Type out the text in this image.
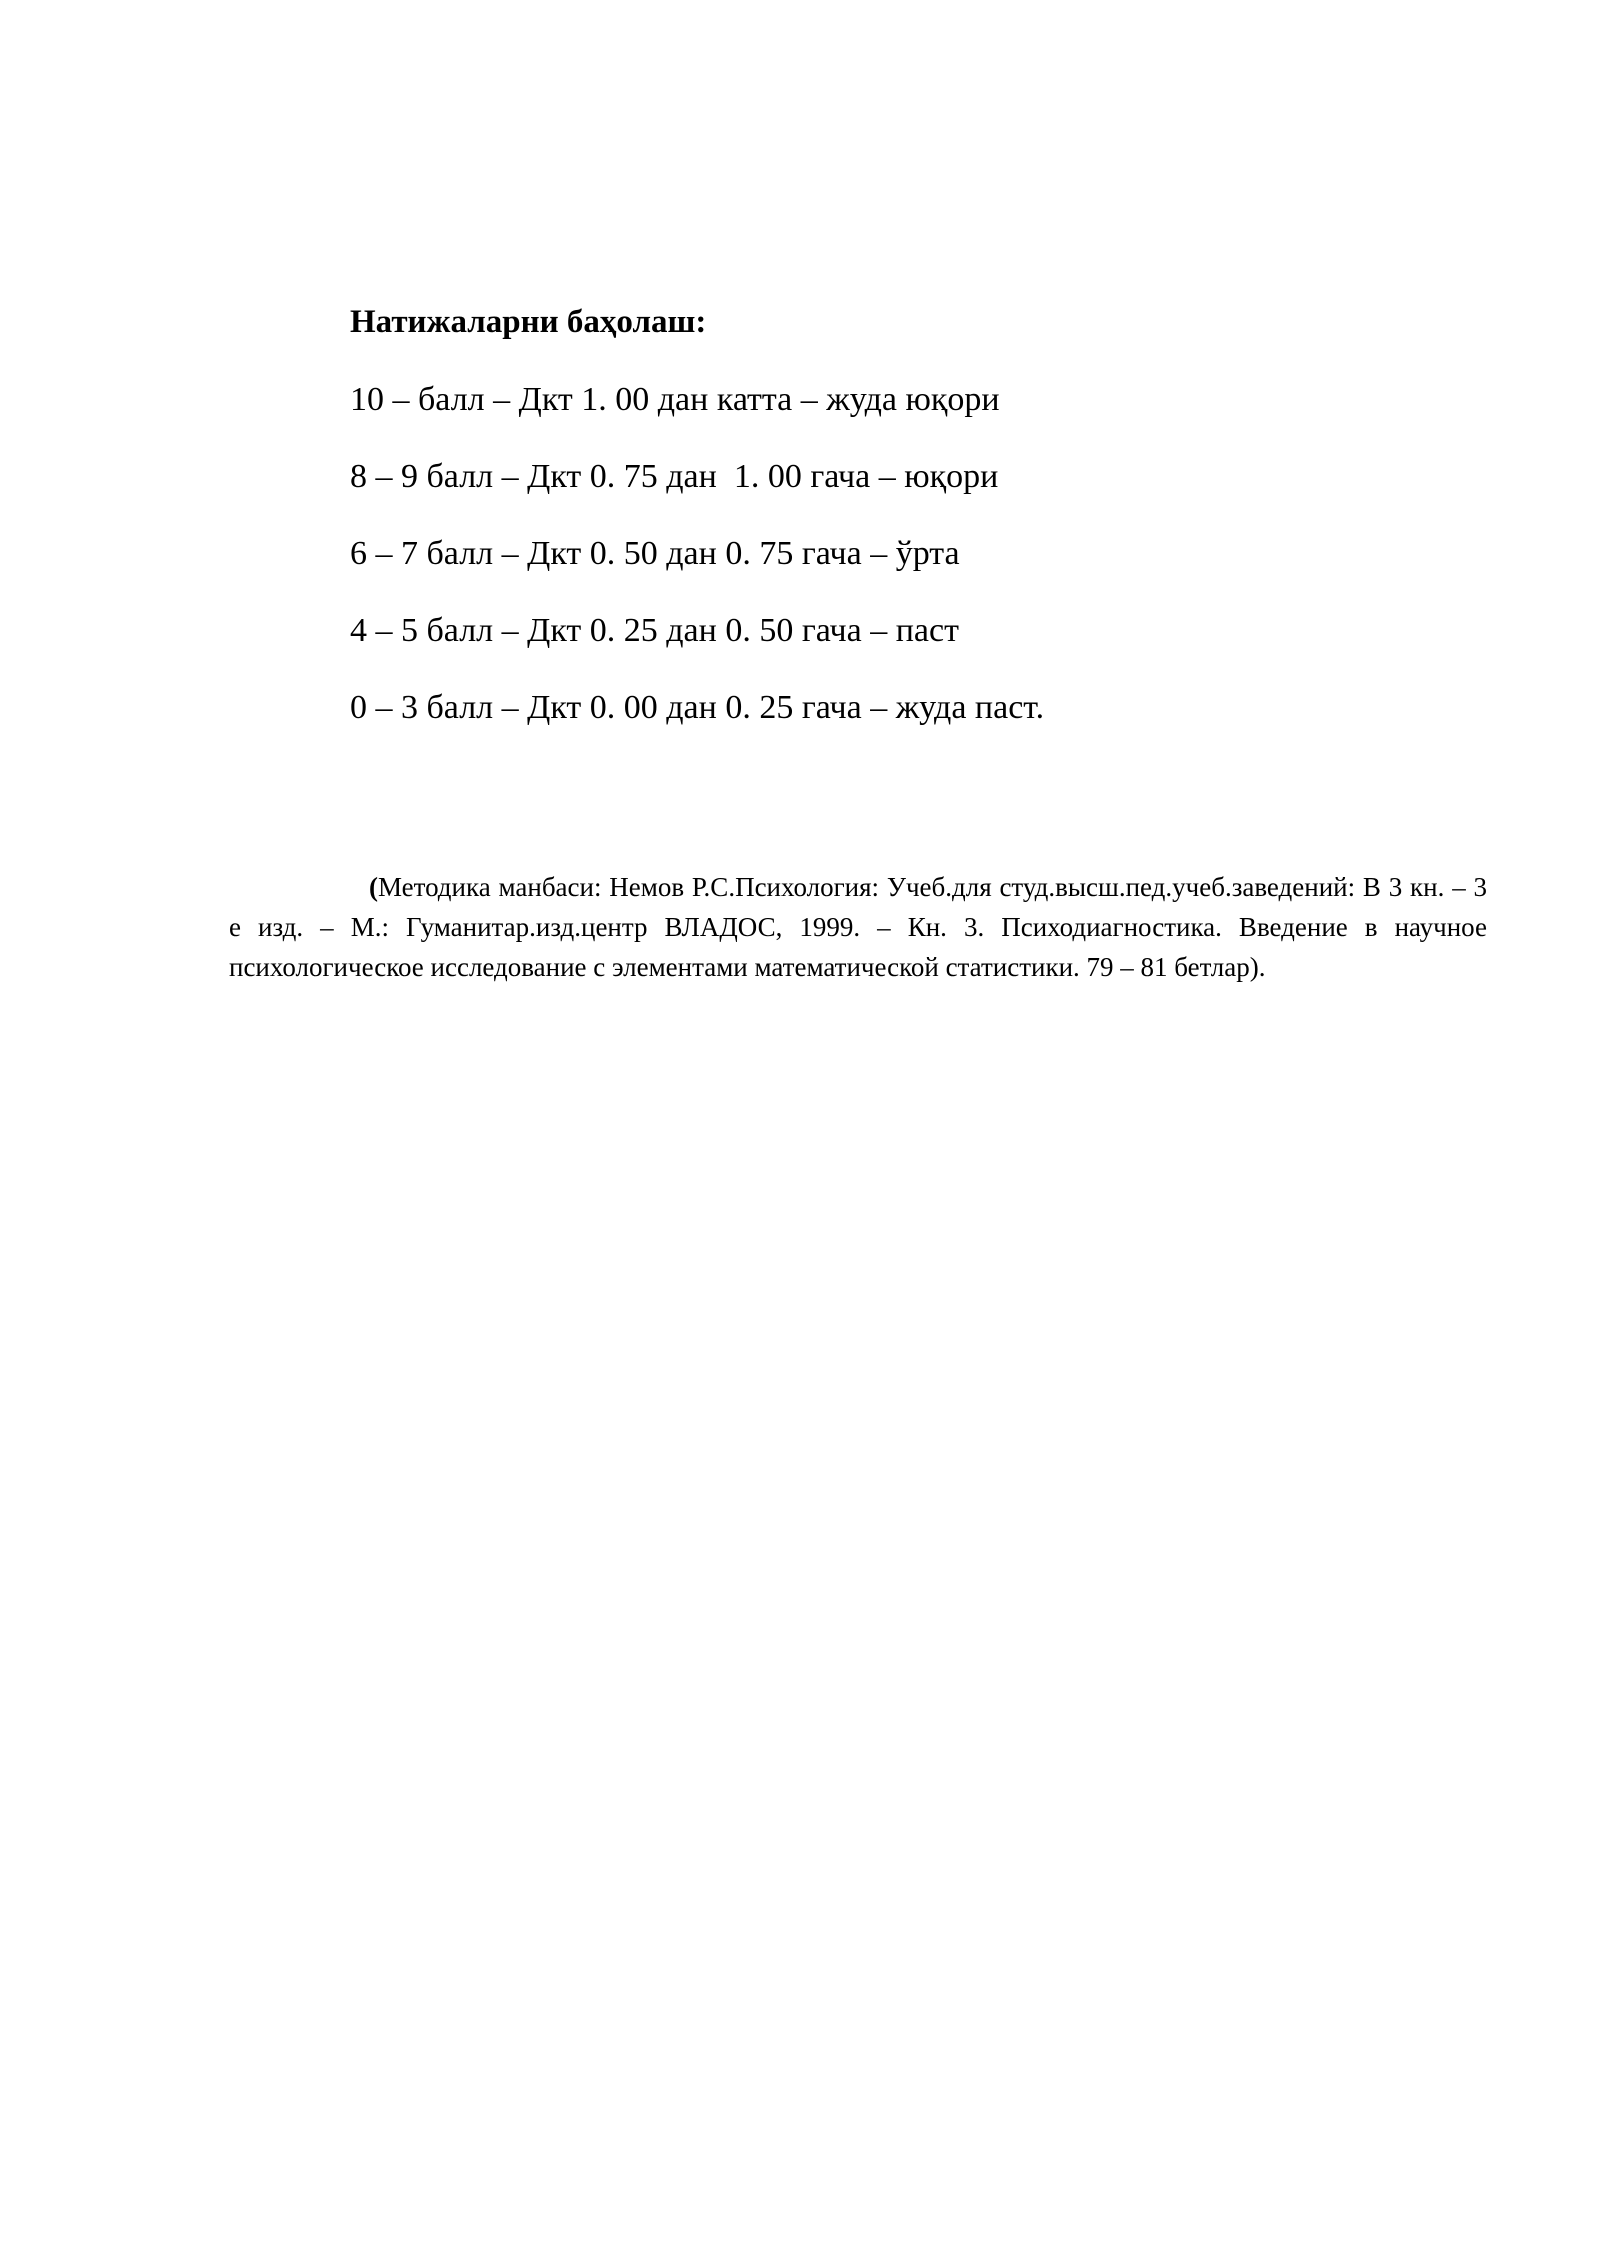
Натижаларни баҳолаш:
10 – балл – Дкт 1. 00 дан катта – жуда юқори
8 – 9 балл – Дкт 0. 75 дан  1. 00 гача – юқори
6 – 7 балл – Дкт 0. 50 дан 0. 75 гача – ўрта
4 – 5 балл – Дкт 0. 25 дан 0. 50 гача – паст
0 – 3 балл – Дкт 0. 00 дан 0. 25 гача – жуда паст.

(Методика манбаси: Немов Р.С.Психология: Учеб.для студ.высш.пед.учеб.заведений: В 3 кн. – 3 е изд. – М.: Гуманитар.изд.центр ВЛАДОС, 1999. – Кн. 3. Психодиагностика. Введение в научное психологическое исследование с элементами математической статистики. 79 – 81 бетлар).
